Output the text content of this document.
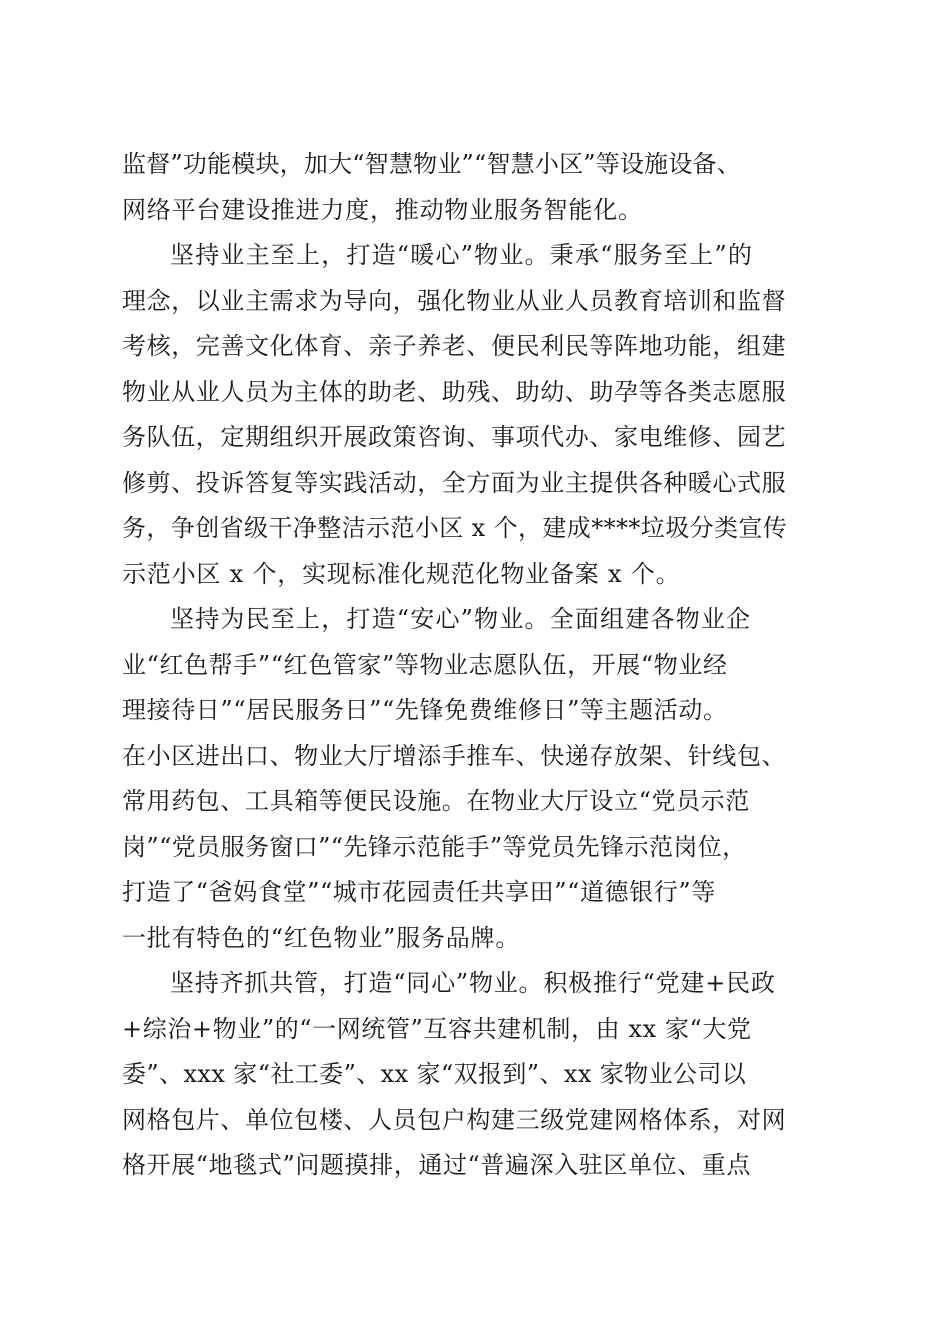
监督”功能模块，加大“智慧物业”“智慧小区”等设施设备、
网络平台建设推进力度，推动物业服务智能化。
坚持业主至上，打造“暖心”物业。秉承“服务至上”的
理念，以业主需求为导向，强化物业从业人员教育培训和监督
考核，完善文化体育、亲子养老、便民利民等阵地功能，组建
物业从业人员为主体的助老、助残、助幼、助孕等各类志愿服
务队伍，定期组织开展政策咨询、事项代办、家电维修、园艺
修剪、投诉答复等实践活动，全方面为业主提供各种暖心式服
务，争创省级干净整洁示范小区 x 个，建成****垃圾分类宣传
示范小区 x 个，实现标准化规范化物业备案 x 个。
坚持为民至上，打造“安心”物业。全面组建各物业企
业“红色帮手”“红色管家”等物业志愿队伍，开展“物业经
理接待日”“居民服务日”“先锋免费维修日”等主题活动。
在小区进出口、物业大厅增添手推车、快递存放架、针线包、
常用药包、工具箱等便民设施。在物业大厅设立“党员示范
岗”“党员服务窗口”“先锋示范能手”等党员先锋示范岗位，
打造了“爸妈食堂”“城市花园责任共享田”“道德银行”等
一批有特色的“红色物业”服务品牌。
坚持齐抓共管，打造“同心”物业。积极推行“党建+民政
+综治+物业”的“一网统管”互容共建机制，由 xx 家“大党
委”、xxx 家“社工委”、xx 家“双报到”、xx 家物业公司以
网格包片、单位包楼、人员包户构建三级党建网格体系，对网
格开展“地毯式”问题摸排，通过“普遍深入驻区单位、重点
